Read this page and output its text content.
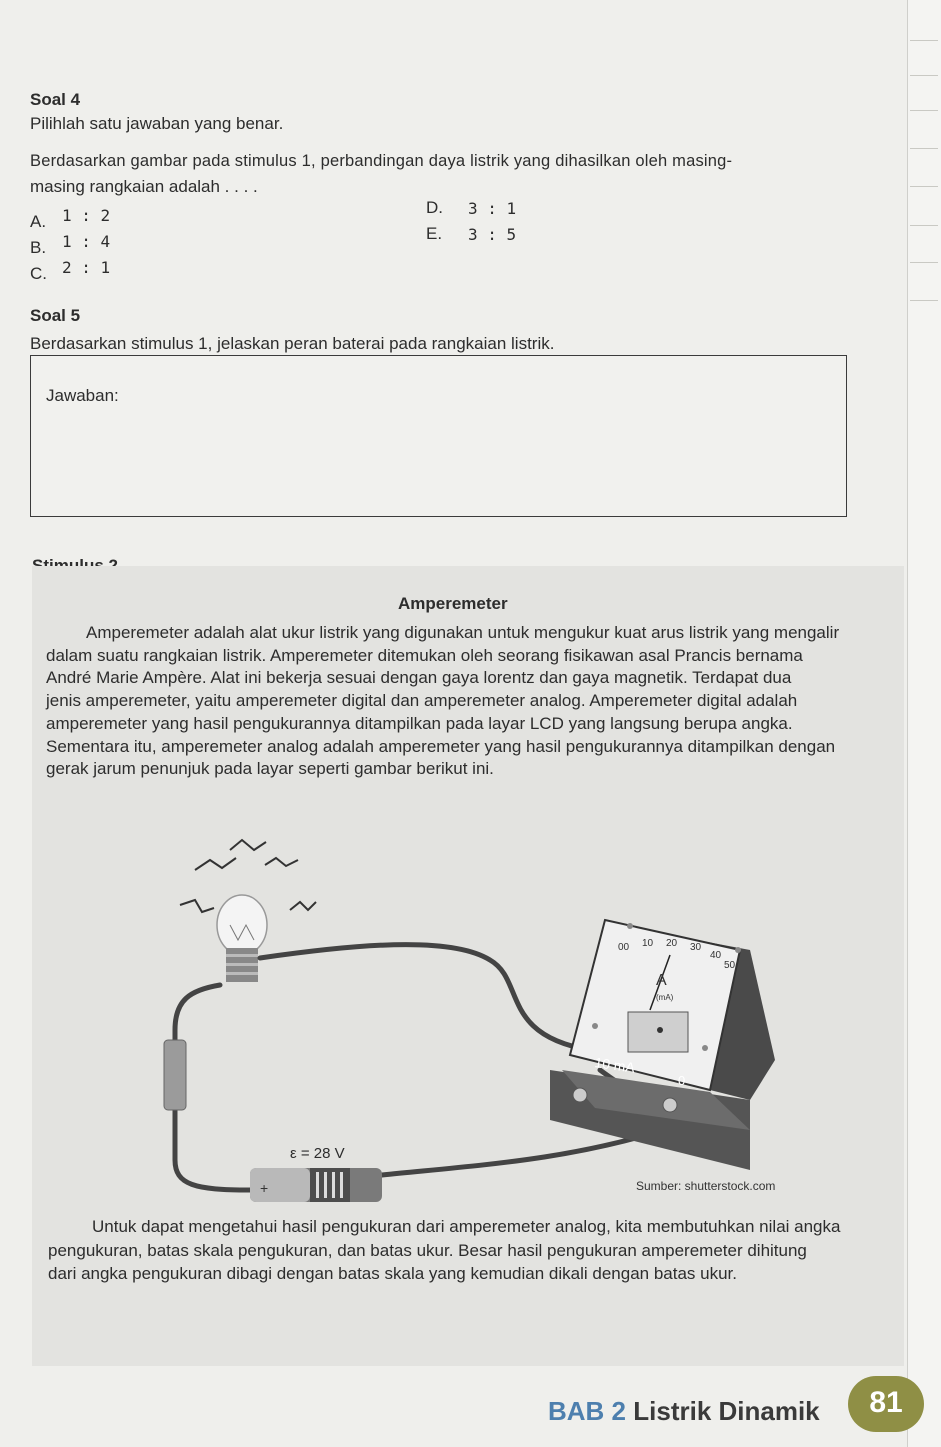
Soal 4
Pilihlah satu jawaban yang benar.
Berdasarkan gambar pada stimulus 1, perbandingan daya listrik yang dihasilkan oleh masing-
masing rangkaian adalah . . . .
A. 1 : 2
B. 1 : 4
C. 2 : 1
D. 3 : 1
E. 3 : 5
Soal 5
Berdasarkan stimulus 1, jelaskan peran baterai pada rangkaian listrik.
Jawaban:
Amperemeter
Amperemeter adalah alat ukur listrik yang digunakan untuk mengukur kuat arus listrik yang mengalir
dalam suatu rangkaian listrik. Amperemeter ditemukan oleh seorang fisikawan asal Prancis bernama
André Marie Ampère. Alat ini bekerja sesuai dengan gaya lorentz dan gaya magnetik. Terdapat dua
jenis amperemeter, yaitu amperemeter digital dan amperemeter analog. Amperemeter digital adalah
amperemeter yang hasil pengukurannya ditampilkan pada layar LCD yang langsung berupa angka.
Sementara itu, amperemeter analog adalah amperemeter yang hasil pengukurannya ditampilkan dengan
gerak jarum penunjuk pada layar seperti gambar berikut ini.
+
ε = 28 V
00 10 20 30
40
50
A
(mA)
10 mA
0
Sumber: shutterstock.com
Untuk dapat mengetahui hasil pengukuran dari amperemeter analog, kita membutuhkan nilai angka
pengukuran, batas skala pengukuran, dan batas ukur. Besar hasil pengukuran amperemeter dihitung
dari angka pengukuran dibagi dengan batas skala yang kemudian dikali dengan batas ukur.
BAB 2 Listrik Dinamik	81
